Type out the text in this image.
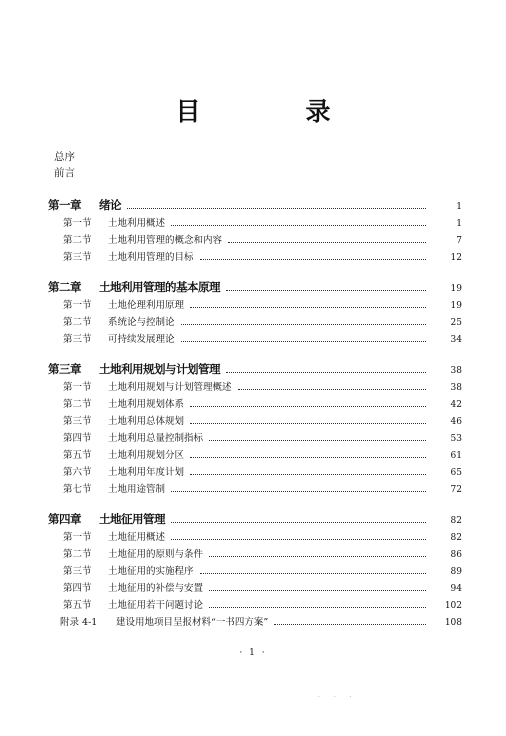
目　录
总序
前言
第一章	绪论	1
第一节	土地利用概述	1
第二节	土地利用管理的概念和内容	7
第三节	土地利用管理的目标	12
第二章	土地利用管理的基本原理	19
第一节	土地伦理利用原理	19
第二节	系统论与控制论	25
第三节	可持续发展理论	34
第三章	土地利用规划与计划管理	38
第一节	土地利用规划与计划管理概述	38
第二节	土地利用规划体系	42
第三节	土地利用总体规划	46
第四节	土地利用总量控制指标	53
第五节	土地利用规划分区	61
第六节	土地利用年度计划	65
第七节	土地用途管制	72
第四章	土地征用管理	82
第一节	土地征用概述	82
第二节	土地征用的原则与条件	86
第三节	土地征用的实施程序	89
第四节	土地征用的补偿与安置	94
第五节	土地征用若干问题讨论	102
附录 4-1	建设用地项目呈报材料“一书四方案”	108
· 1 ·
· · ·
